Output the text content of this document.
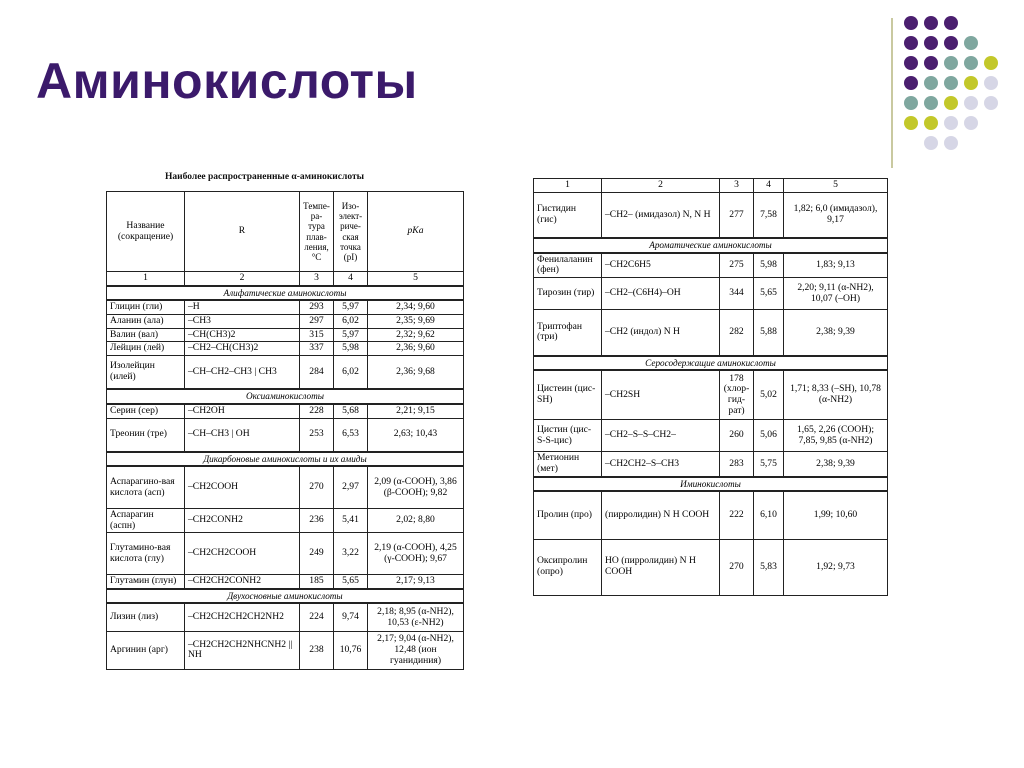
Аминокислоты
Наиболее распространенные α-аминокислоты
Название (сокращение)	R	Темпе-ра-тура плав-ления, °С	Изо-элект-риче-ская точка (pI)	pKa
1	2	3	4	5
Алифатические аминокислоты				
Глицин (гли)	–H	293	5,97	2,34; 9,60
Аланин (ала)	–CH3	297	6,02	2,35; 9,69
Валин (вал)	–CH(CH3)2	315	5,97	2,32; 9,62
Лейцин (лей)	–CH2–CH(CH3)2	337	5,98	2,36; 9,60
Изолейцин (илей)	–CH–CH2–CH3 | CH3	284	6,02	2,36; 9,68
Оксиаминокислоты				
Серин (сер)	–CH2OH	228	5,68	2,21; 9,15
Треонин (тре)	–CH–CH3 | OH	253	6,53	2,63; 10,43
Дикарбоновые аминокислоты и их амиды				
Аспарагино-вая кислота (асп)	–CH2COOH	270	2,97	2,09 (α-COOH), 3,86 (β-COOH); 9,82
Аспарагин (аспн)	–CH2CONH2	236	5,41	2,02; 8,80
Глутамино-вая кислота (глу)	–CH2CH2COOH	249	3,22	2,19 (α-COOH), 4,25 (γ-COOH); 9,67
Глутамин (глун)	–CH2CH2CONH2	185	5,65	2,17; 9,13
Двухосновные аминокислоты				
Лизин (лиз)	–CH2CH2CH2CH2NH2	224	9,74	2,18; 8,95 (α-NH2), 10,53 (ε-NH2)
Аргинин (арг)	–CH2CH2CH2NHCNH2 || NH	238	10,76	2,17; 9,04 (α-NH2), 12,48 (ион гуанидиния)
1	2	3	4	5
Гистидин (гис)	–CH2– (имидазол) N, N H	277	7,58	1,82; 6,0 (имидазол), 9,17
Ароматические аминокислоты				
Фенилаланин (фен)	–CH2C6H5	275	5,98	1,83; 9,13
Тирозин (тир)	–CH2–(C6H4)–OH	344	5,65	2,20; 9,11 (α-NH2), 10,07 (–OH)
Триптофан (три)	–CH2 (индол) N H	282	5,88	2,38; 9,39
Серосодержащие аминокислоты				
Цистеин (цис-SH)	–CH2SH	178 (хлор-гид-рат)	5,02	1,71; 8,33 (–SH), 10,78 (α-NH2)
Цистин (цис-S-S-цис)	–CH2–S–S–CH2–	260	5,06	1,65, 2,26 (COOH); 7,85, 9,85 (α-NH2)
Метионин (мет)	–CH2CH2–S–CH3	283	5,75	2,38; 9,39
Иминокислоты				
Пролин (про)	(пирролидин) N H COOH	222	6,10	1,99; 10,60
Оксипролин (опро)	HO (пирролидин) N H COOH	270	5,83	1,92; 9,73
